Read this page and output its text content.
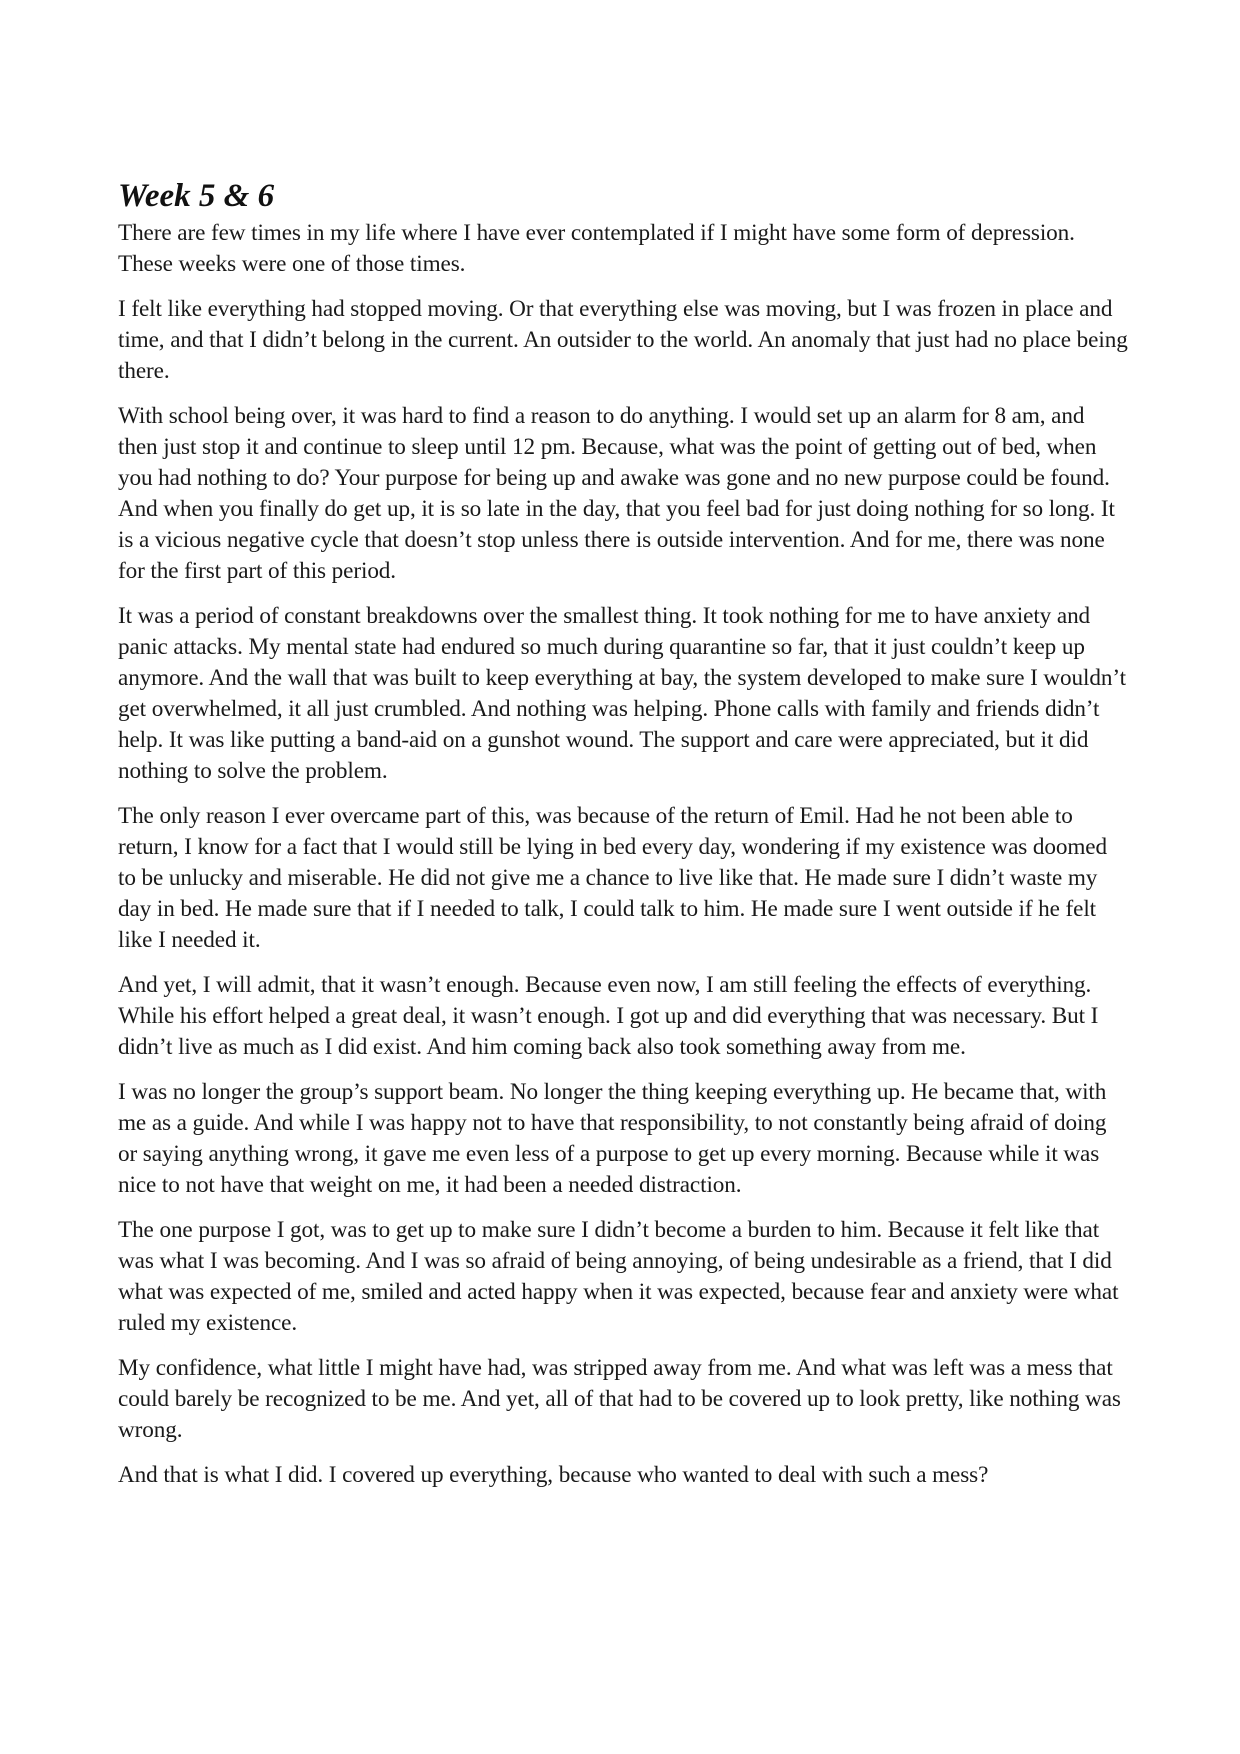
Week 5 & 6

There are few times in my life where I have ever contemplated if I might have some form of depression. These weeks were one of those times.

I felt like everything had stopped moving. Or that everything else was moving, but I was frozen in place and time, and that I didn’t belong in the current. An outsider to the world. An anomaly that just had no place being there.

With school being over, it was hard to find a reason to do anything. I would set up an alarm for 8 am, and then just stop it and continue to sleep until 12 pm. Because, what was the point of getting out of bed, when you had nothing to do? Your purpose for being up and awake was gone and no new purpose could be found. And when you finally do get up, it is so late in the day, that you feel bad for just doing nothing for so long. It is a vicious negative cycle that doesn’t stop unless there is outside intervention. And for me, there was none for the first part of this period.

It was a period of constant breakdowns over the smallest thing. It took nothing for me to have anxiety and panic attacks. My mental state had endured so much during quarantine so far, that it just couldn’t keep up anymore. And the wall that was built to keep everything at bay, the system developed to make sure I wouldn’t get overwhelmed, it all just crumbled. And nothing was helping. Phone calls with family and friends didn’t help. It was like putting a band-aid on a gunshot wound. The support and care were appreciated, but it did nothing to solve the problem.

The only reason I ever overcame part of this, was because of the return of Emil. Had he not been able to return, I know for a fact that I would still be lying in bed every day, wondering if my existence was doomed to be unlucky and miserable. He did not give me a chance to live like that. He made sure I didn’t waste my day in bed. He made sure that if I needed to talk, I could talk to him. He made sure I went outside if he felt like I needed it.

And yet, I will admit, that it wasn’t enough. Because even now, I am still feeling the effects of everything. While his effort helped a great deal, it wasn’t enough. I got up and did everything that was necessary. But I didn’t live as much as I did exist. And him coming back also took something away from me.

I was no longer the group’s support beam. No longer the thing keeping everything up. He became that, with me as a guide. And while I was happy not to have that responsibility, to not constantly being afraid of doing or saying anything wrong, it gave me even less of a purpose to get up every morning. Because while it was nice to not have that weight on me, it had been a needed distraction.

The one purpose I got, was to get up to make sure I didn’t become a burden to him. Because it felt like that was what I was becoming. And I was so afraid of being annoying, of being undesirable as a friend, that I did what was expected of me, smiled and acted happy when it was expected, because fear and anxiety were what ruled my existence.

My confidence, what little I might have had, was stripped away from me. And what was left was a mess that could barely be recognized to be me. And yet, all of that had to be covered up to look pretty, like nothing was wrong.

And that is what I did. I covered up everything, because who wanted to deal with such a mess?
